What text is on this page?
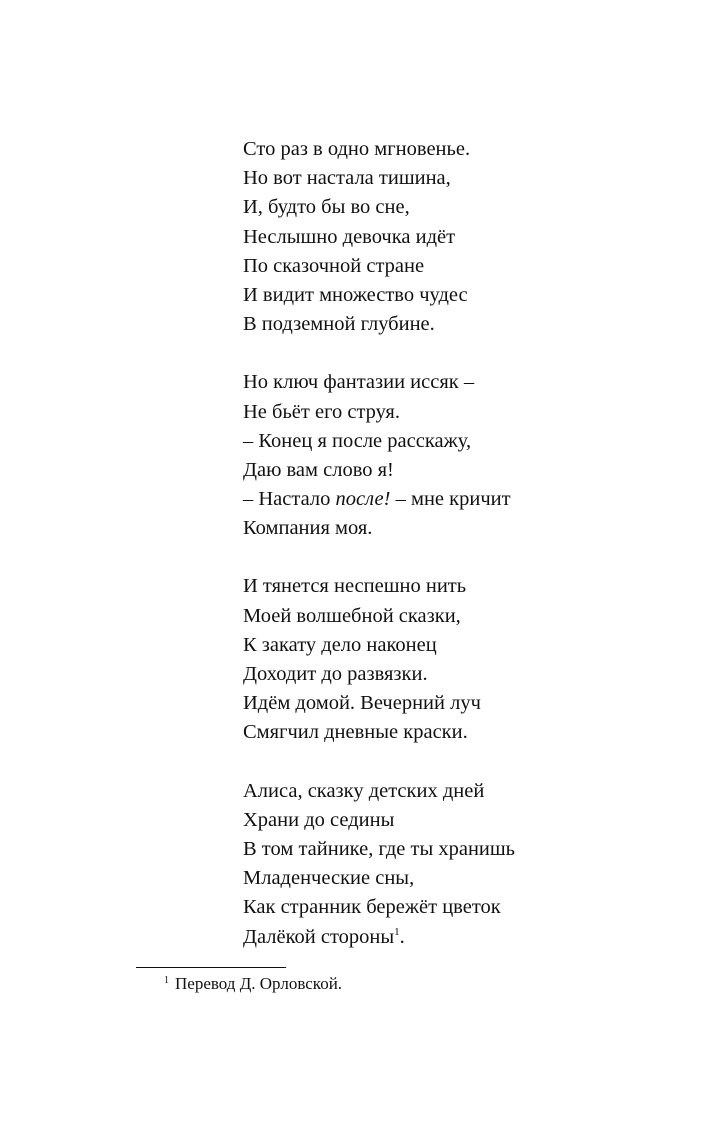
Сто раз в одно мгновенье.
Но вот настала тишина,
И, будто бы во сне,
Неслышно девочка идёт
По сказочной стране
И видит множество чудес
В подземной глубине.
Но ключ фантазии иссяк –
Не бьёт его струя.
– Конец я после расскажу,
Даю вам слово я!
– Настало после! – мне кричит
Компания моя.
И тянется неспешно нить
Моей волшебной сказки,
К закату дело наконец
Доходит до развязки.
Идём домой. Вечерний луч
Смягчил дневные краски.
Алиса, сказку детских дней
Храни до седины
В том тайнике, где ты хранишь
Младенческие сны,
Как странник бережёт цветок
Далёкой стороны$^1$.
$^1$ Перевод Д. Орловской.
